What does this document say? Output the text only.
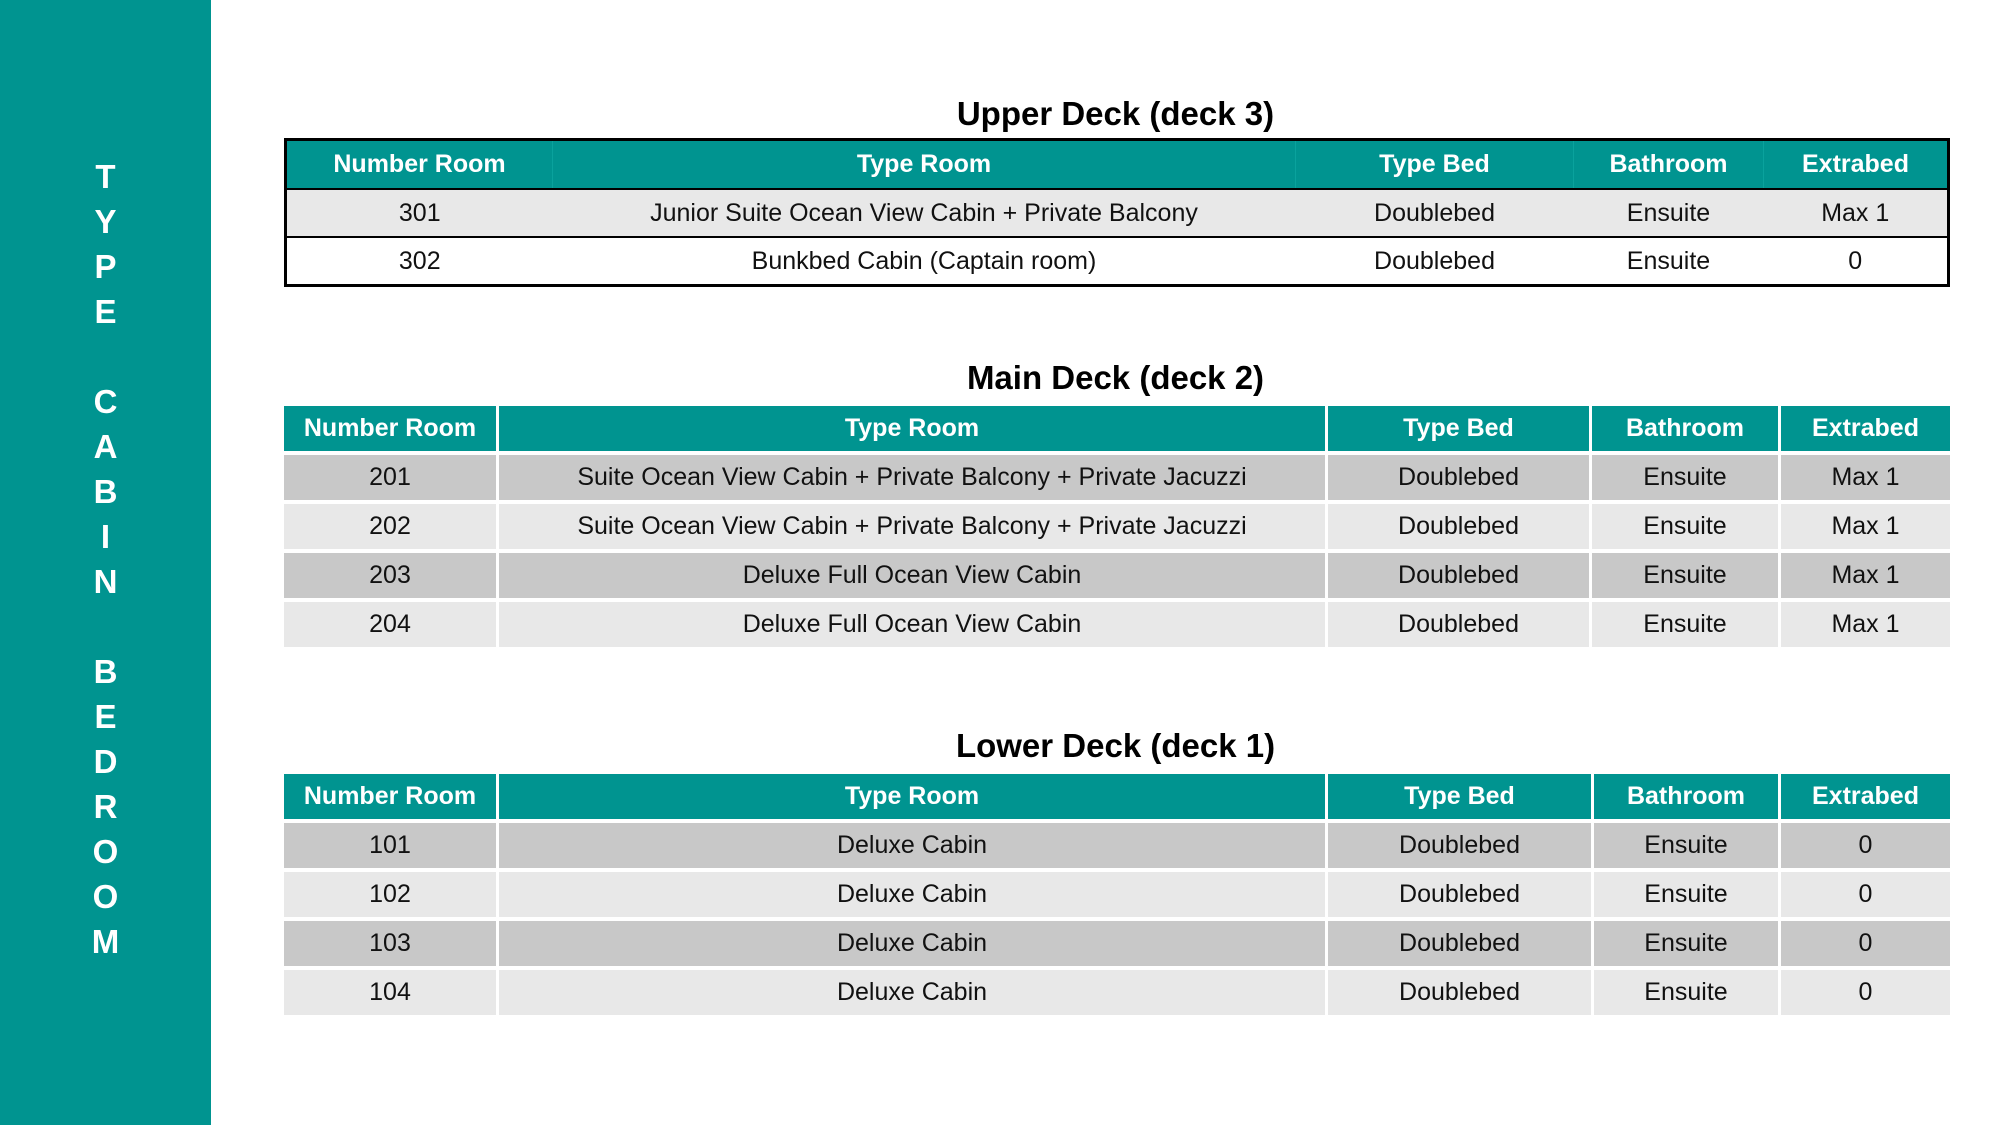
T
Y
P
E
C
A
B
I
N
B
E
D
R
O
O
M
Upper Deck (deck 3)
Number Room	Type Room	Type Bed	Bathroom	Extrabed
301	Junior Suite Ocean View Cabin + Private Balcony	Doublebed	Ensuite	Max 1
302	Bunkbed Cabin (Captain room)	Doublebed	Ensuite	0
Main Deck (deck 2)
Number Room	Type Room	Type Bed	Bathroom	Extrabed
201	Suite Ocean View Cabin + Private Balcony + Private Jacuzzi	Doublebed	Ensuite	Max 1
202	Suite Ocean View Cabin + Private Balcony + Private Jacuzzi	Doublebed	Ensuite	Max 1
203	Deluxe Full Ocean View Cabin	Doublebed	Ensuite	Max 1
204	Deluxe Full Ocean View Cabin	Doublebed	Ensuite	Max 1
Lower Deck (deck 1)
Number Room	Type Room	Type Bed	Bathroom	Extrabed
101	Deluxe Cabin	Doublebed	Ensuite	0
102	Deluxe Cabin	Doublebed	Ensuite	0
103	Deluxe Cabin	Doublebed	Ensuite	0
104	Deluxe Cabin	Doublebed	Ensuite	0
